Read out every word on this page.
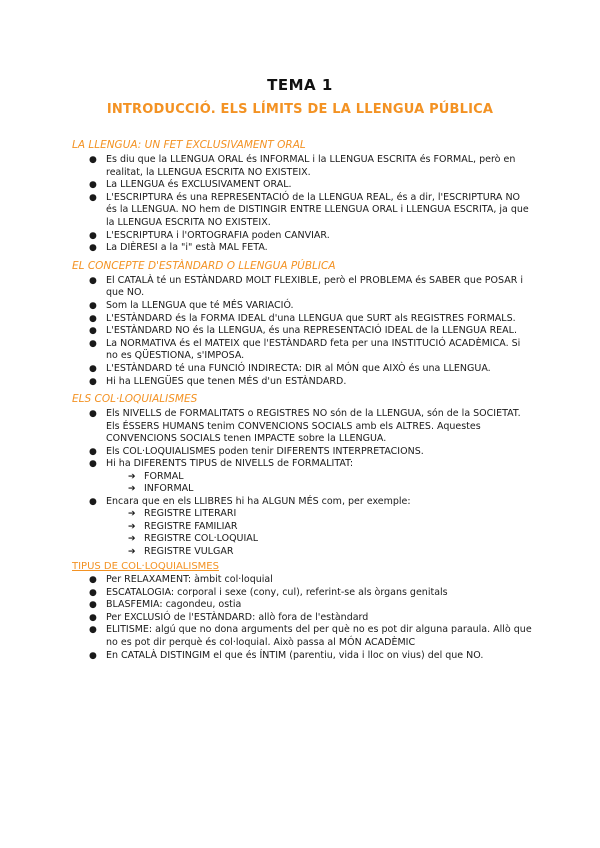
TEMA 1
INTRODUCCIÓ. ELS LÍMITS DE LA LLENGUA PÚBLICA
LA LLENGUA: UN FET EXCLUSIVAMENT ORAL
● Es diu que la LLENGUA ORAL és INFORMAL i la LLENGUA ESCRITA és FORMAL, però en realitat, la LLENGUA ESCRITA NO EXISTEIX.
● La LLENGUA és EXCLUSIVAMENT ORAL.
● L'ESCRIPTURA és una REPRESENTACIÓ de la LLENGUA REAL, és a dir, l'ESCRIPTURA NO és la LLENGUA. NO hem de DISTINGIR ENTRE LLENGUA ORAL i LLENGUA ESCRITA, ja que la LLENGUA ESCRITA NO EXISTEIX.
● L'ESCRIPTURA i l'ORTOGRAFIA poden CANVIAR.
● La DIÈRESI a la "i" està MAL FETA.
EL CONCEPTE D'ESTÀNDARD O LLENGUA PÚBLICA
● El CATALÀ té un ESTÀNDARD MOLT FLEXIBLE, però el PROBLEMA és SABER que POSAR i que NO.
● Som la LLENGUA que té MÉS VARIACIÓ.
● L'ESTÀNDARD és la FORMA IDEAL d'una LLENGUA que SURT als REGISTRES FORMALS.
● L'ESTÀNDARD NO és la LLENGUA, és una REPRESENTACIÓ IDEAL de la LLENGUA REAL.
● La NORMATIVA és el MATEIX que l'ESTÀNDARD feta per una INSTITUCIÓ ACADÈMICA. Si no es QÜESTIONA, s'IMPOSA.
● L'ESTÀNDARD té una FUNCIÓ INDIRECTA: DIR al MÓN que AIXÒ és una LLENGUA.
● Hi ha LLENGÜES que tenen MÉS d'un ESTÀNDARD.
ELS COL·LOQUIALISMES
● Els NIVELLS de FORMALITATS o REGISTRES NO són de la LLENGUA, són de la SOCIETAT. Els ÉSSERS HUMANS tenim CONVENCIONS SOCIALS amb els ALTRES. Aquestes CONVENCIONS SOCIALS tenen IMPACTE sobre la LLENGUA.
● Els COL·LOQUIALISMES poden tenir DIFERENTS INTERPRETACIONS.
● Hi ha DIFERENTS TIPUS de NIVELLS de FORMALITAT:
➔ FORMAL
➔ INFORMAL
● Encara que en els LLIBRES hi ha ALGUN MÉS com, per exemple:
➔ REGISTRE LITERARI
➔ REGISTRE FAMILIAR
➔ REGISTRE COL·LOQUIAL
➔ REGISTRE VULGAR
TIPUS DE COL·LOQUIALISMES
● Per RELAXAMENT: àmbit col·loquial
● ESCATALOGIA: corporal i sexe (cony, cul), referint-se als òrgans genitals
● BLASFEMIA: cagondeu, ostia
● Per EXCLUSIÓ de l'ESTÀNDARD: allò fora de l'estàndard
● ELITISME: algú que no dona arguments del per què no es pot dir alguna paraula. Allò que no es pot dir perquè és col·loquial. Això passa al MÓN ACADÈMIC
● En CATALÀ DISTINGIM el que és ÍNTIM (parentiu, vida i lloc on vius) del que NO.
